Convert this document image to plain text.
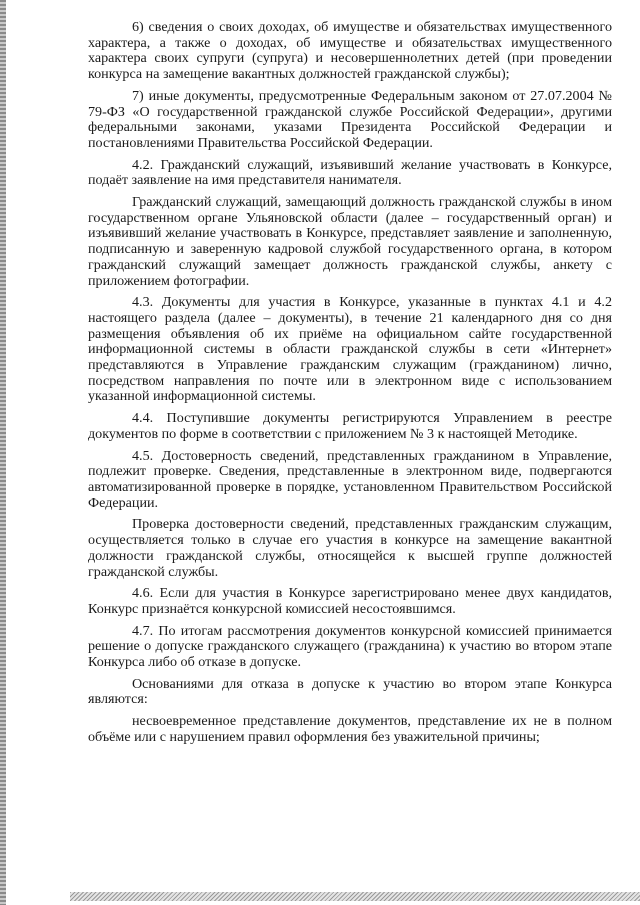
6) сведения о своих доходах, об имуществе и обязательствах имущественного характера, а также о доходах, об имуществе и обязательствах имущественного характера своих супруги (супруга) и несовершеннолетних детей (при проведении конкурса на замещение вакантных должностей гражданской службы);

7) иные документы, предусмотренные Федеральным законом от 27.07.2004 № 79-ФЗ «О государственной гражданской службе Российской Федерации», другими федеральными законами, указами Президента Российской Федерации и постановлениями Правительства Российской Федерации.

4.2. Гражданский служащий, изъявивший желание участвовать в Конкурсе, подаёт заявление на имя представителя нанимателя.

Гражданский служащий, замещающий должность гражданской службы в ином государственном органе Ульяновской области (далее – государственный орган) и изъявивший желание участвовать в Конкурсе, представляет заявление и заполненную, подписанную и заверенную кадровой службой государственного органа, в котором гражданский служащий замещает должность гражданской службы, анкету с приложением фотографии.

4.3. Документы для участия в Конкурсе, указанные в пунктах 4.1 и 4.2 настоящего раздела (далее – документы), в течение 21 календарного дня со дня размещения объявления об их приёме на официальном сайте государственной информационной системы в области гражданской службы в сети «Интернет» представляются в Управление гражданским служащим (гражданином) лично, посредством направления по почте или в электронном виде с использованием указанной информационной системы.

4.4. Поступившие документы регистрируются Управлением в реестре документов по форме в соответствии с приложением № 3 к настоящей Методике.

4.5. Достоверность сведений, представленных гражданином в Управление, подлежит проверке. Сведения, представленные в электронном виде, подвергаются автоматизированной проверке в порядке, установленном Правительством Российской Федерации.

Проверка достоверности сведений, представленных гражданским служащим, осуществляется только в случае его участия в конкурсе на замещение вакантной должности гражданской службы, относящейся к высшей группе должностей гражданской службы.

4.6. Если для участия в Конкурсе зарегистрировано менее двух кандидатов, Конкурс признаётся конкурсной комиссией несостоявшимся.

4.7. По итогам рассмотрения документов конкурсной комиссией принимается решение о допуске гражданского служащего (гражданина) к участию во втором этапе Конкурса либо об отказе в допуске.

Основаниями для отказа в допуске к участию во втором этапе Конкурса являются:

несвоевременное представление документов, представление их не в полном объёме или с нарушением правил оформления без уважительной причины;
